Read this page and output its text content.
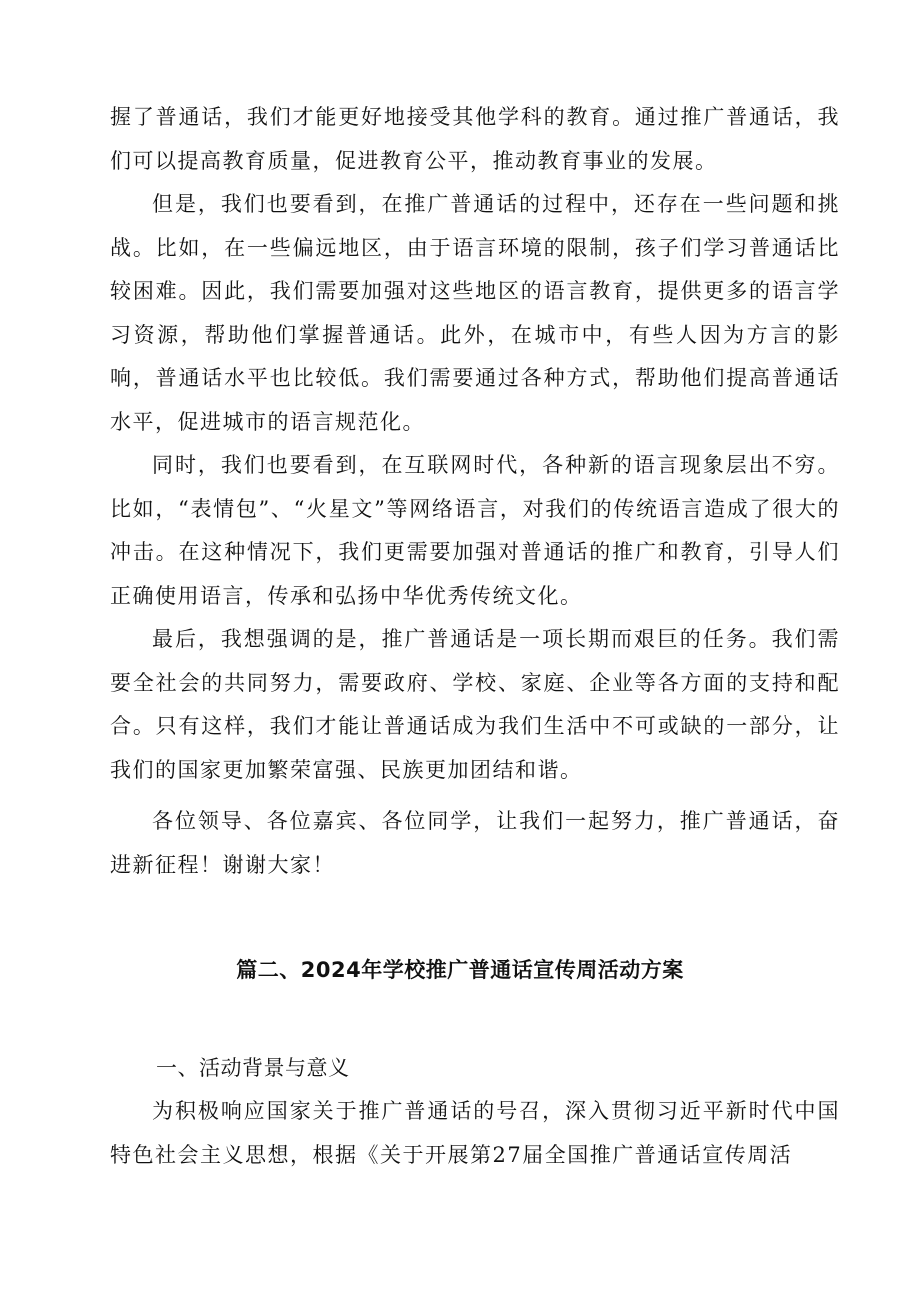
握了普通话，我们才能更好地接受其他学科的教育。通过推广普通话，我们可以提高教育质量，促进教育公平，推动教育事业的发展。

但是，我们也要看到，在推广普通话的过程中，还存在一些问题和挑战。比如，在一些偏远地区，由于语言环境的限制，孩子们学习普通话比较困难。因此，我们需要加强对这些地区的语言教育，提供更多的语言学习资源，帮助他们掌握普通话。此外，在城市中，有些人因为方言的影响，普通话水平也比较低。我们需要通过各种方式，帮助他们提高普通话水平，促进城市的语言规范化。

同时，我们也要看到，在互联网时代，各种新的语言现象层出不穷。比如，“表情包”、“火星文”等网络语言，对我们的传统语言造成了很大的冲击。在这种情况下，我们更需要加强对普通话的推广和教育，引导人们正确使用语言，传承和弘扬中华优秀传统文化。

最后，我想强调的是，推广普通话是一项长期而艰巨的任务。我们需要全社会的共同努力，需要政府、学校、家庭、企业等各方面的支持和配合。只有这样，我们才能让普通话成为我们生活中不可或缺的一部分，让我们的国家更加繁荣富强、民族更加团结和谐。

各位领导、各位嘉宾、各位同学，让我们一起努力，推广普通话，奋进新征程！谢谢大家！

篇二、2024年学校推广普通话宣传周活动方案
一、活动背景与意义

为积极响应国家关于推广普通话的号召，深入贯彻习近平新时代中国特色社会主义思想，根据《关于开展第27届全国推广普通话宣传周活
